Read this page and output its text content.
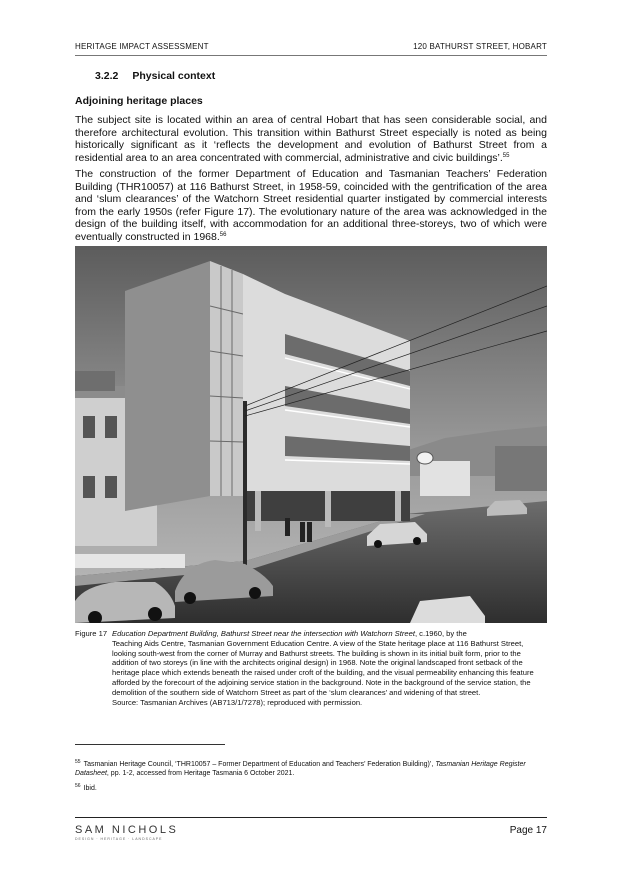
HERITAGE IMPACT ASSESSMENT	120 BATHURST STREET, HOBART
3.2.2 Physical context
Adjoining heritage places

The subject site is located within an area of central Hobart that has seen considerable social, and therefore architectural evolution. This transition within Bathurst Street especially is noted as being historically significant as it ‘reflects the development and evolution of Bathurst Street from a residential area to an area concentrated with commercial, administrative and civic buildings’.$^{55}$

The construction of the former Department of Education and Tasmanian Teachers’ Federation Building (THR10057) at 116 Bathurst Street, in 1958-59, coincided with the gentrification of the area and ‘slum clearances’ of the Watchorn Street residential quarter instigated by commercial interests from the early 1950s (refer Figure 17). The evolutionary nature of the area was acknowledged in the design of the building itself, with accommodation for an additional three-storeys, two of which were eventually constructed in 1968.56

Figure 17 Education Department Building, Bathurst Street near the intersection with Watchorn Street, c.1960, by the
Teaching Aids Centre, Tasmanian Government Education Centre. A view of the State heritage place at 116 Bathurst Street, looking south-west from the corner of Murray and Bathurst streets. The building is shown in its initial built form, prior to the addition of two storeys (in line with the architects original design) in 1968. Note the original landscaped front setback of the heritage place which extends beneath the raised under croft of the building, and the visual permeability enhancing this feature afforded by the forecourt of the adjoining service station in the background. Note in the background of the service station, the demolition of the southern side of Watchorn Street as part of the ‘slum clearances’ and widening of that street.
Source: Tasmanian Archives (AB713/1/7278); reproduced with permission.

$^{55}$ Tasmanian Heritage Council, ‘THR10057 – Former Department of Education and Teachers’ Federation Building)’, Tasmanian Heritage Register Datasheet, pp. 1-2, accessed from Heritage Tasmania 6 October 2021.

$^{56}$ Ibid.

SAM NICHOLS
DESIGN · HERITAGE · LANDSCAPE
Page 17
